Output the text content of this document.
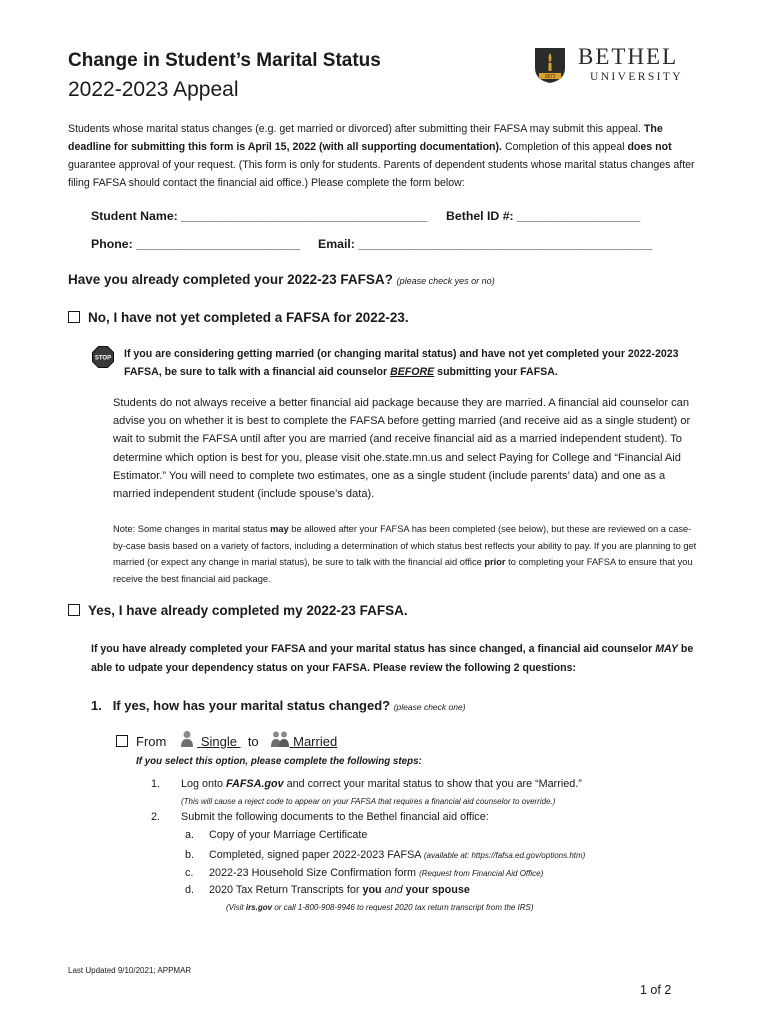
Change in Student’s Marital Status
2022-2023 Appeal
1871
BETHEL
UNIVERSITY
Students whose marital status changes (e.g. get married or divorced) after submitting their FAFSA may submit this appeal. The deadline for submitting this form is April 15, 2022 (with all supporting documentation). Completion of this appeal does not guarantee approval of your request. (This form is only for students. Parents of dependent students whose marital status changes after filing FAFSA should contact the financial aid office.) Please complete the form below:
Student Name: ____________________________________ Bethel ID #: __________________
Phone: ________________________ Email: ___________________________________________
Have you already completed your 2022-23 FAFSA? (please check yes or no)
No, I have not yet completed a FAFSA for 2022-23.
STOP If you are considering getting married (or changing marital status) and have not yet completed your 2022-2023 FAFSA, be sure to talk with a financial aid counselor BEFORE submitting your FAFSA.
Students do not always receive a better financial aid package because they are married. A financial aid counselor can advise you on whether it is best to complete the FAFSA before getting married (and receive aid as a single student) or wait to submit the FAFSA until after you are married (and receive financial aid as a married independent student). To determine which option is best for you, please visit ohe.state.mn.us and select Paying for College and “Financial Aid Estimator.” You will need to complete two estimates, one as a single student (include parents’ data) and one as a married independent student (include spouse’s data).
Note: Some changes in marital status may be allowed after your FAFSA has been completed (see below), but these are reviewed on a case-by-case basis based on a variety of factors, including a determination of which status best reflects your ability to pay. If you are planning to get married (or expect any change in marial status), be sure to talk with the financial aid office prior to completing your FAFSA to ensure that you receive the best financial aid package.
Yes, I have already completed my 2022-23 FAFSA.
If you have already completed your FAFSA and your marital status has since changed, a financial aid counselor MAY be able to udpate your dependency status on your FAFSA. Please review the following 2 questions:
1. If yes, how has your marital status changed? (please check one)
From	Single to	Married
If you select this option, please complete the following steps:
1. Log onto FAFSA.gov and correct your marital status to show that you are “Married.”
(This will cause a reject code to appear on your FAFSA that requires a financial aid counselor to override.)
2. Submit the following documents to the Bethel financial aid office:
a. Copy of your Marriage Certificate
b. Completed, signed paper 2022-2023 FAFSA (available at: https://fafsa.ed.gov/options.htm)
c. 2022-23 Household Size Confirmation form (Request from Financial Aid Office)
d. 2020 Tax Return Transcripts for you and your spouse
(Visit irs.gov or call 1-800-908-9946 to request 2020 tax return transcript from the IRS)
Last Updated 9/10/2021; APPMAR
1 of 2
